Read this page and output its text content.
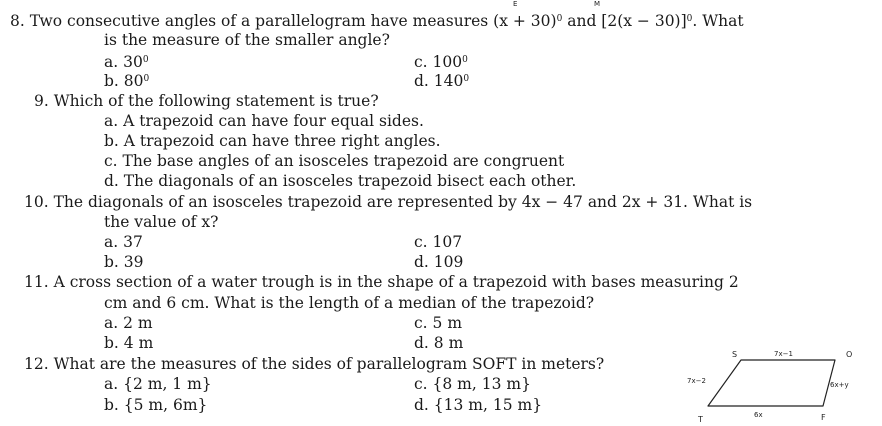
E	M
8. Two consecutive angles of a parallelogram have measures $(x + 30)^0$ and $[2(x - 30)]^0$. What
is the measure of the smaller angle?
a. $30^0$	c. $100^0$
b. $80^0$	d. $140^0$
9. Which of the following statement is true?
a. A trapezoid can have four equal sides.
b. A trapezoid can have three right angles.
c. The base angles of an isosceles trapezoid are congruent
d. The diagonals of an isosceles trapezoid bisect each other.
10. The diagonals of an isosceles trapezoid are represented by 4x − 47 and 2x + 31. What is
the value of x?
a. 37	c. 107
b. 39	d. 109
11. A cross section of a water trough is in the shape of a trapezoid with bases measuring 2
cm and 6 cm. What is the length of a median of the trapezoid?
a. 2 m	c. 5 m
b. 4 m	d. 8 m
12. What are the measures of the sides of parallelogram SOFT in meters?
a. {2 m, 1 m}	c. {8 m, 13 m}
b. {5 m, 6m}	d. {13 m, 15 m}
S	O
T	F
7x−1
7x−2	6x+y
6x
